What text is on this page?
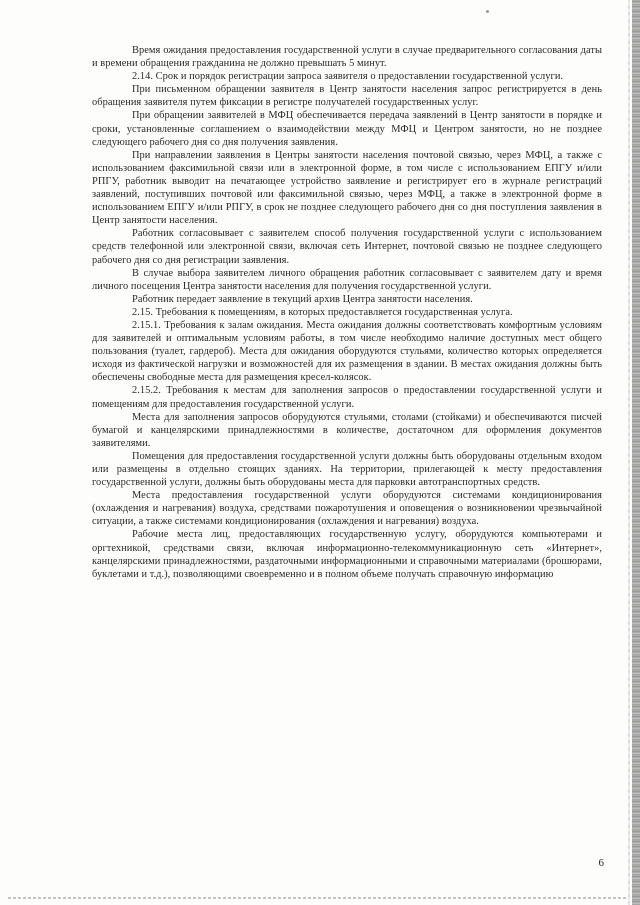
Время ожидания предоставления государственной услуги в случае предварительного согласования даты и времени обращения гражданина не должно превышать 5 минут.

2.14. Срок и порядок регистрации запроса заявителя о предоставлении государственной услуги.

При письменном обращении заявителя в Центр занятости населения запрос регистрируется в день обращения заявителя путем фиксации в регистре получателей государственных услуг.

При обращении заявителей в МФЦ обеспечивается передача заявлений в Центр занятости в порядке и сроки, установленные соглашением о взаимодействии между МФЦ и Центром занятости, но не позднее следующего рабочего дня со дня получения заявления.

При направлении заявления в Центры занятости населения почтовой связью, через МФЦ, а также с использованием факсимильной связи или в электронной форме, в том числе с использованием ЕПГУ и/или РПГУ, работник выводит на печатающее устройство заявление и регистрирует его в журнале регистраций заявлений, поступивших почтовой или факсимильной связью, через МФЦ, а также в электронной форме в использованием ЕПГУ и/или РПГУ, в срок не позднее следующего рабочего дня со дня поступления заявления в Центр занятости населения.

Работник согласовывает с заявителем способ получения государственной услуги с использованием средств телефонной или электронной связи, включая сеть Интернет, почтовой связью не позднее следующего рабочего дня со дня регистрации заявления.

В случае выбора заявителем личного обращения работник согласовывает с заявителем дату и время личного посещения Центра занятости населения для получения государственной услуги.

Работник передает заявление в текущий архив Центра занятости населения.

2.15. Требования к помещениям, в которых предоставляется государственная услуга.

2.15.1. Требования к залам ожидания. Места ожидания должны соответствовать комфортным условиям для заявителей и оптимальным условиям работы, в том числе необходимо наличие доступных мест общего пользования (туалет, гардероб). Места для ожидания оборудуются стульями, количество которых определяется исходя из фактической нагрузки и возможностей для их размещения в здании. В местах ожидания должны быть обеспечены свободные места для размещения кресел-колясок.

2.15.2. Требования к местам для заполнения запросов о предоставлении государственной услуги и помещениям для предоставления государственной услуги.

Места для заполнения запросов оборудуются стульями, столами (стойками) и обеспечиваются писчей бумагой и канцелярскими принадлежностями в количестве, достаточном для оформления документов заявителями.

Помещения для предоставления государственной услуги должны быть оборудованы отдельным входом или размещены в отдельно стоящих зданиях. На территории, прилегающей к месту предоставления государственной услуги, должны быть оборудованы места для парковки автотранспортных средств.

Места предоставления государственной услуги оборудуются системами кондиционирования (охлаждения и нагревания) воздуха, средствами пожаротушения и оповещения о возникновении чрезвычайной ситуации, а также системами кондиционирования (охлаждения и нагревания) воздуха.

Рабочие места лиц, предоставляющих государственную услугу, оборудуются компьютерами и оргтехникой, средствами связи, включая информационно-телекоммуникационную сеть «Интернет», канцелярскими принадлежностями, раздаточными информационными и справочными материалами (брошюрами, буклетами и т.д.), позволяющими своевременно и в полном объеме получать справочную информацию

6
